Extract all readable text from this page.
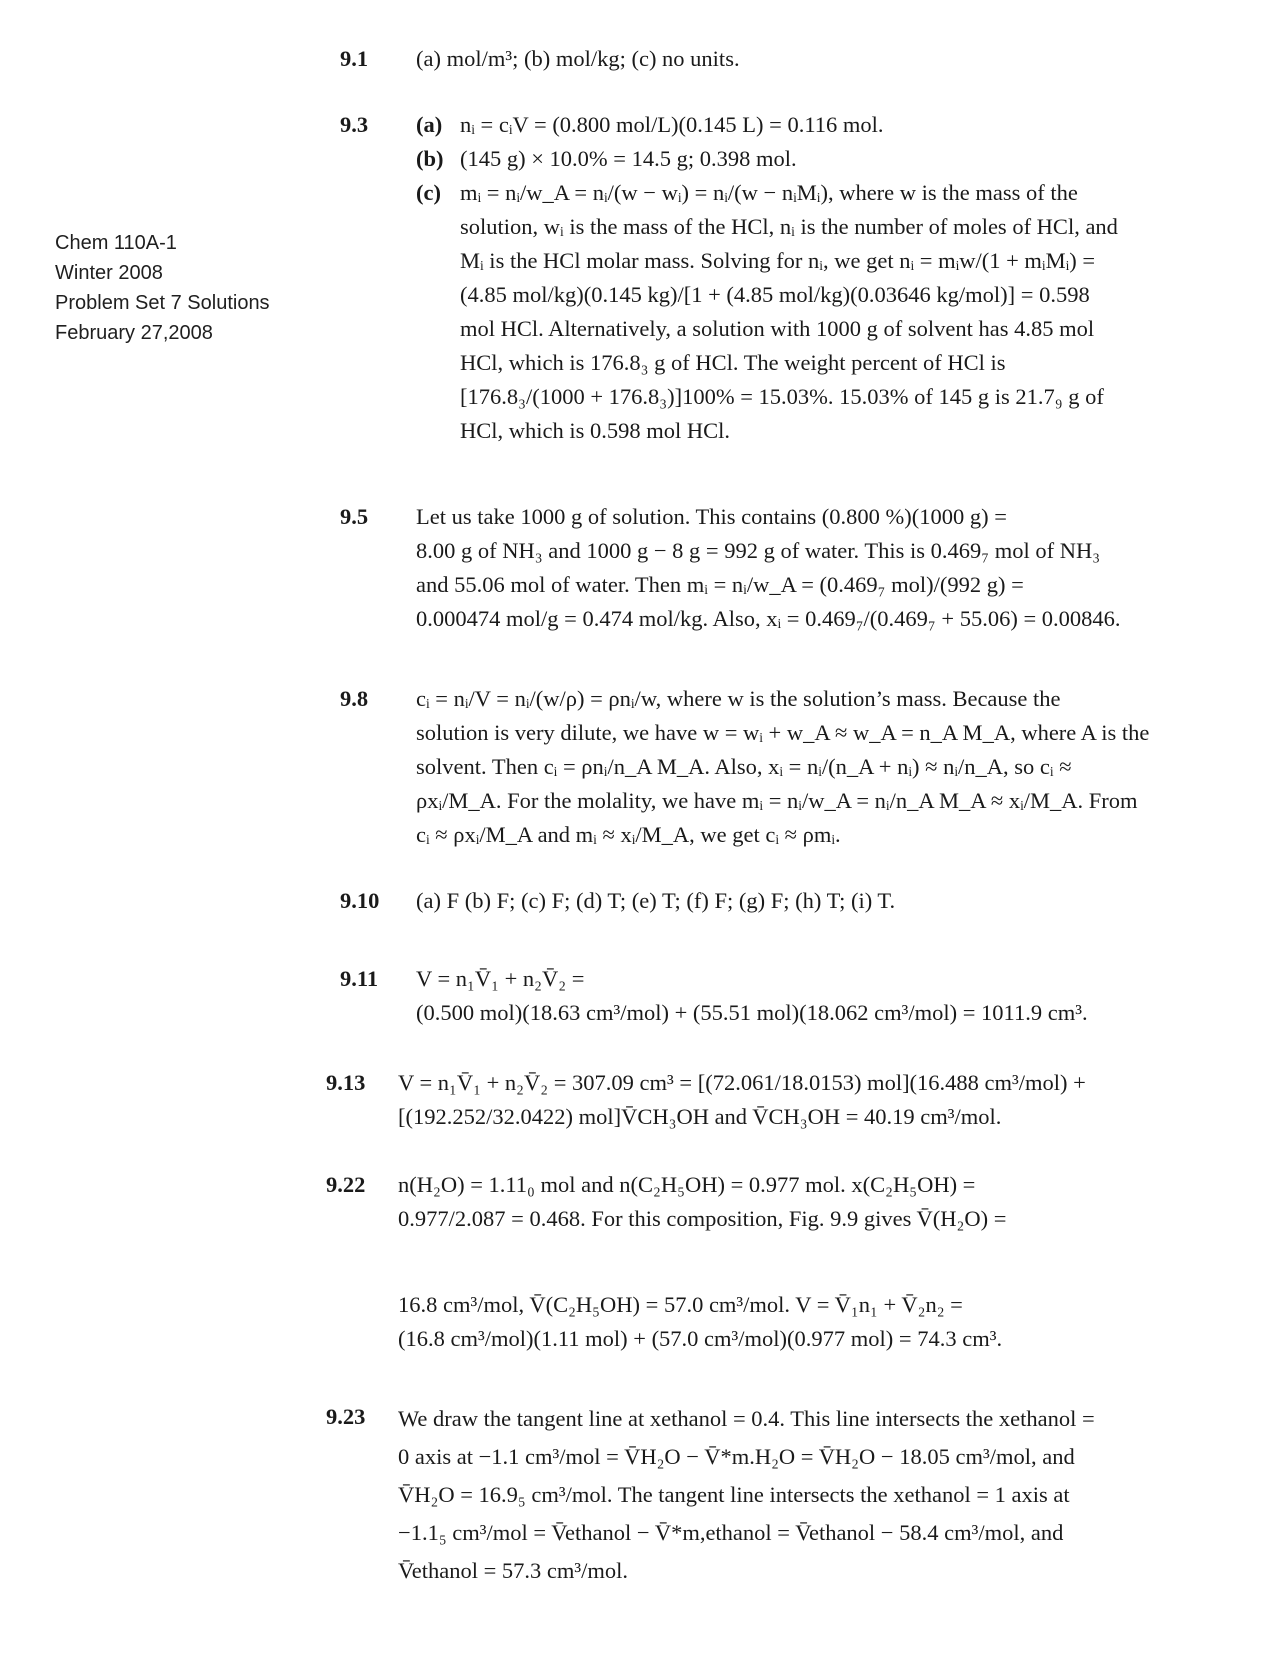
Chem 110A-1
Winter 2008
Problem Set 7 Solutions
February 27,2008
9.1 (a) mol/m³; (b) mol/kg; (c) no units.
9.3 (a) nᵢ = cᵢV = (0.800 mol/L)(0.145 L) = 0.116 mol.
(b) (145 g) × 10.0% = 14.5 g; 0.398 mol.
(c) mᵢ = nᵢ/w_A = nᵢ/(w − wᵢ) = nᵢ/(w − nᵢMᵢ), where w is the mass of the
solution, wᵢ is the mass of the HCl, nᵢ is the number of moles of HCl, and
Mᵢ is the HCl molar mass. Solving for nᵢ, we get nᵢ = mᵢw/(1 + mᵢMᵢ) =
(4.85 mol/kg)(0.145 kg)/[1 + (4.85 mol/kg)(0.03646 kg/mol)] = 0.598
mol HCl. Alternatively, a solution with 1000 g of solvent has 4.85 mol
HCl, which is 176.8₃ g of HCl. The weight percent of HCl is
[176.8₃/(1000 + 176.8₃)]100% = 15.03%. 15.03% of 145 g is 21.7₉ g of
HCl, which is 0.598 mol HCl.
9.5 Let us take 1000 g of solution. This contains (0.800 %)(1000 g) =
8.00 g of NH₃ and 1000 g − 8 g = 992 g of water. This is 0.469₇ mol of NH₃
and 55.06 mol of water. Then mᵢ = nᵢ/w_A = (0.469₇ mol)/(992 g) =
0.000474 mol/g = 0.474 mol/kg. Also, xᵢ = 0.469₇/(0.469₇ + 55.06) = 0.00846.
9.8 cᵢ = nᵢ/V = nᵢ/(w/ρ) = ρnᵢ/w, where w is the solution’s mass. Because the
solution is very dilute, we have w = wᵢ + w_A ≈ w_A = n_A M_A, where A is the
solvent. Then cᵢ = ρnᵢ/n_A M_A. Also, xᵢ = nᵢ/(n_A + nᵢ) ≈ nᵢ/n_A, so cᵢ ≈
ρxᵢ/M_A. For the molality, we have mᵢ = nᵢ/w_A = nᵢ/n_A M_A ≈ xᵢ/M_A. From
cᵢ ≈ ρxᵢ/M_A and mᵢ ≈ xᵢ/M_A, we get cᵢ ≈ ρmᵢ.
9.10 (a) F (b) F; (c) F; (d) T; (e) T; (f) F; (g) F; (h) T; (i) T.
9.11 V = n₁V̄₁ + n₂V̄₂ =
(0.500 mol)(18.63 cm³/mol) + (55.51 mol)(18.062 cm³/mol) = 1011.9 cm³.
9.13 V = n₁V̄₁ + n₂V̄₂ = 307.09 cm³ = [(72.061/18.0153) mol](16.488 cm³/mol) +
[(192.252/32.0422) mol]V̄CH₃OH and V̄CH₃OH = 40.19 cm³/mol.
9.22 n(H₂O) = 1.11₀ mol and n(C₂H₅OH) = 0.977 mol. x(C₂H₅OH) =
0.977/2.087 = 0.468. For this composition, Fig. 9.9 gives V̄(H₂O) =
16.8 cm³/mol, V̄(C₂H₅OH) = 57.0 cm³/mol. V = V̄₁n₁ + V̄₂n₂ =
(16.8 cm³/mol)(1.11 mol) + (57.0 cm³/mol)(0.977 mol) = 74.3 cm³.
9.23 We draw the tangent line at xethanol = 0.4. This line intersects the xethanol =
0 axis at −1.1 cm³/mol = V̄H₂O − V̄*m.H₂O = V̄H₂O − 18.05 cm³/mol, and
V̄H₂O = 16.9₅ cm³/mol. The tangent line intersects the xethanol = 1 axis at
−1.1₅ cm³/mol = V̄ethanol − V̄*m,ethanol = V̄ethanol − 58.4 cm³/mol, and
V̄ethanol = 57.3 cm³/mol.
